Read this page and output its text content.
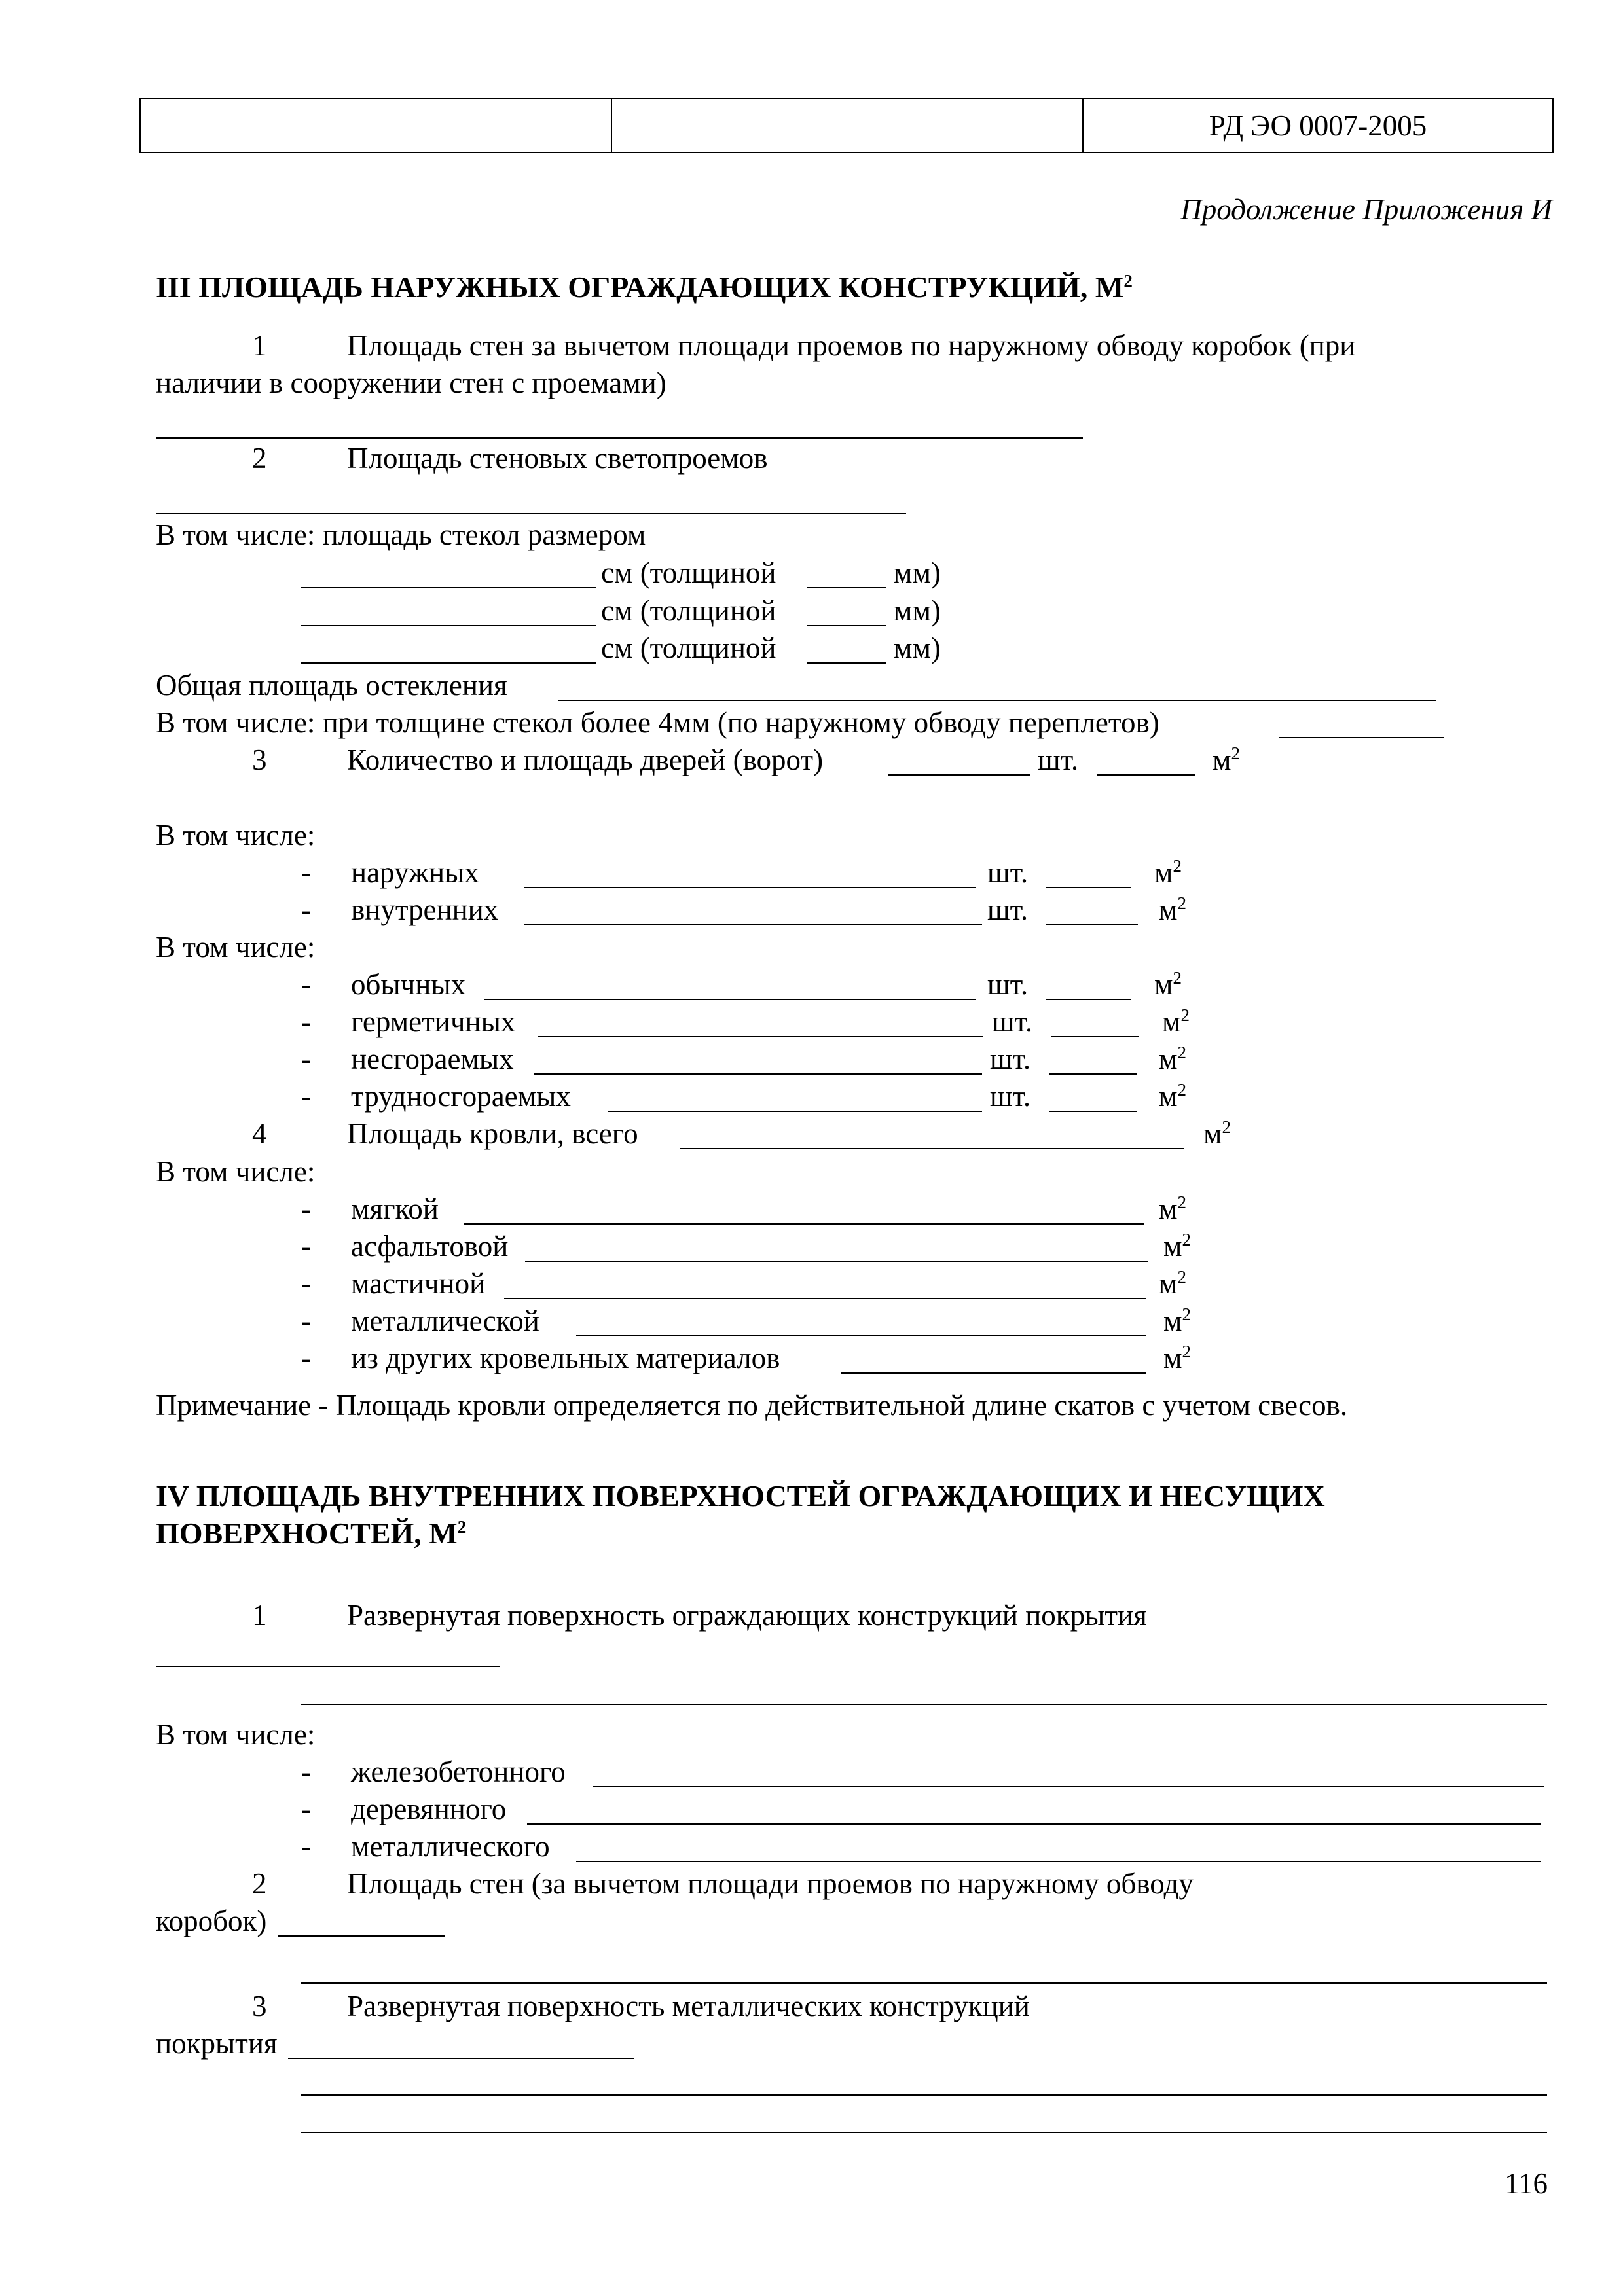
РД ЭО 0007-2005
Продолжение Приложения И
III ПЛОЩАДЬ НАРУЖНЫХ ОГРАЖДАЮЩИХ КОНСТРУКЦИЙ, $М^2$
1	Площадь стен за вычетом площади проемов по наружному обводу коробок (при
наличии в сооружении стен с проемами)
2	Площадь стеновых светопроемов
В том числе: площадь стекол размером
см (толщиной	мм)
см (толщиной	мм)
см (толщиной	мм)
Общая площадь остекления
В том числе: при толщине стекол более 4мм (по наружному обводу переплетов)
3	Количество и площадь дверей (ворот)	шт.	$м^2$
В том числе:
- наружных	шт.	$м^2$
- внутренних	шт.	$м^2$
В том числе:
- обычных	шт.	$м^2$
- герметичных	шт.	$м^2$
- несгораемых	шт.	$м^2$
- трудносгораемых	шт.	$м^2$
4	Площадь кровли, всего	$м^2$
В том числе:
- мягкой	$м^2$
- асфальтовой	$м^2$
- мастичной	$м^2$
- металлической	$м^2$
- из других кровельных материалов	$м^2$
Примечание - Площадь кровли определяется по действительной длине скатов с учетом свесов.
IV ПЛОЩАДЬ ВНУТРЕННИХ ПОВЕРХНОСТЕЙ ОГРАЖДАЮЩИХ И НЕСУЩИХ
ПОВЕРХНОСТЕЙ, $М^2$
1	Развернутая поверхность ограждающих конструкций покрытия
В том числе:
- железобетонного
- деревянного
- металлического
2	Площадь стен (за вычетом площади проемов по наружному обводу
коробок)
3	Развернутая поверхность металлических конструкций
покрытия
116
